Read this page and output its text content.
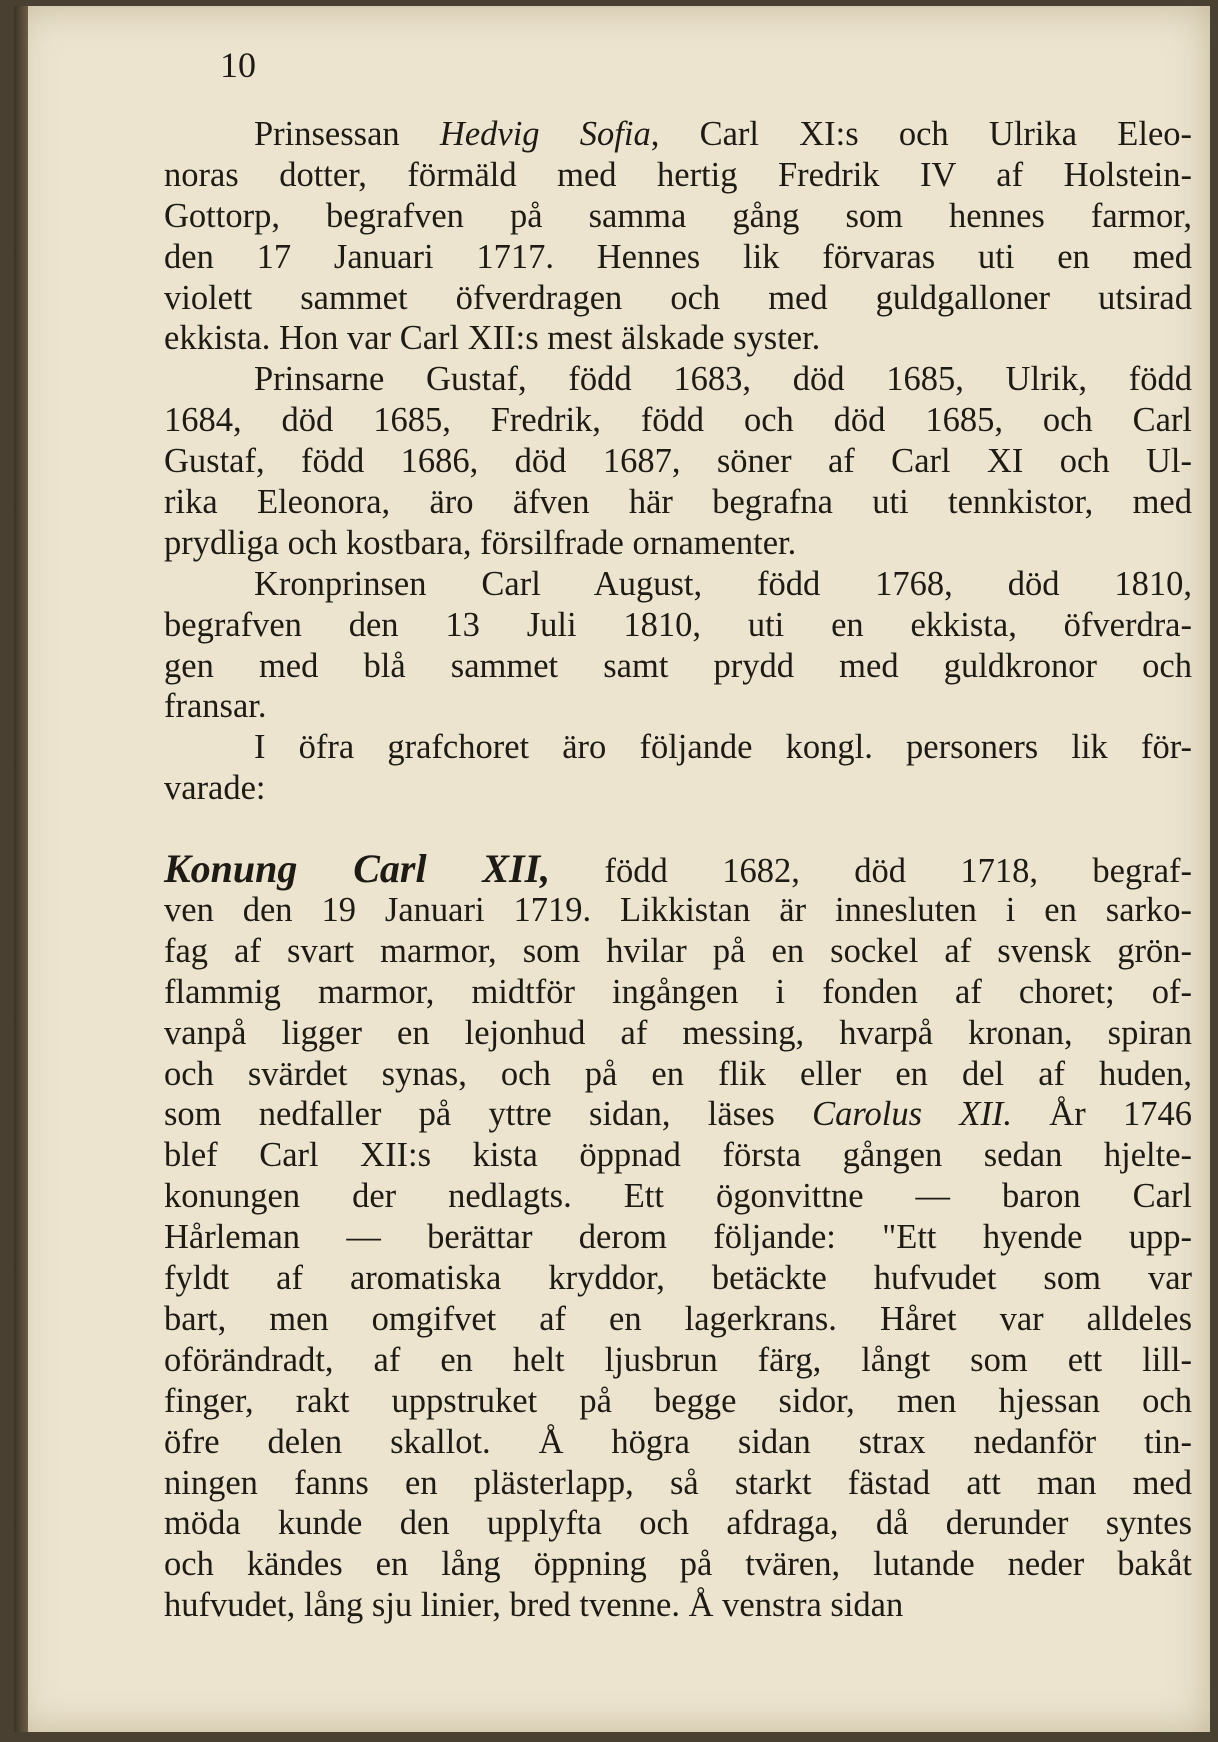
10
Prinsessan Hedvig Sofia, Carl XI:s och Ulrika Eleo-
noras dotter, förmäld med hertig Fredrik IV af Holstein-
Gottorp, begrafven på samma gång som hennes farmor,
den 17 Januari 1717. Hennes lik förvaras uti en med
violett sammet öfverdragen och med guldgalloner utsirad
ekkista. Hon var Carl XII:s mest älskade syster.
Prinsarne Gustaf, född 1683, död 1685, Ulrik, född
1684, död 1685, Fredrik, född och död 1685, och Carl
Gustaf, född 1686, död 1687, söner af Carl XI och Ul-
rika Eleonora, äro äfven här begrafna uti tennkistor, med
prydliga och kostbara, försilfrade ornamenter.
Kronprinsen Carl August, född 1768, död 1810,
begrafven den 13 Juli 1810, uti en ekkista, öfverdra-
gen med blå sammet samt prydd med guldkronor och
fransar.
I öfra grafchoret äro följande kongl. personers lik för-
varade:
Konung Carl XII, född 1682, död 1718, begraf-
ven den 19 Januari 1719. Likkistan är innesluten i en sarko-
fag af svart marmor, som hvilar på en sockel af svensk grön-
flammig marmor, midtför ingången i fonden af choret; of-
vanpå ligger en lejonhud af messing, hvarpå kronan, spiran
och svärdet synas, och på en flik eller en del af huden,
som nedfaller på yttre sidan, läses Carolus XII. År 1746
blef Carl XII:s kista öppnad första gången sedan hjelte-
konungen der nedlagts. Ett ögonvittne — baron Carl
Hårleman — berättar derom följande: "Ett hyende upp-
fyldt af aromatiska kryddor, betäckte hufvudet som var
bart, men omgifvet af en lagerkrans. Håret var alldeles
oförändradt, af en helt ljusbrun färg, långt som ett lill-
finger, rakt uppstruket på begge sidor, men hjessan och
öfre delen skallot. Å högra sidan strax nedanför tin-
ningen fanns en plästerlapp, så starkt fästad att man med
möda kunde den upplyfta och afdraga, då derunder syntes
och kändes en lång öppning på tvären, lutande neder bakåt
hufvudet, lång sju linier, bred tvenne. Å venstra sidan
